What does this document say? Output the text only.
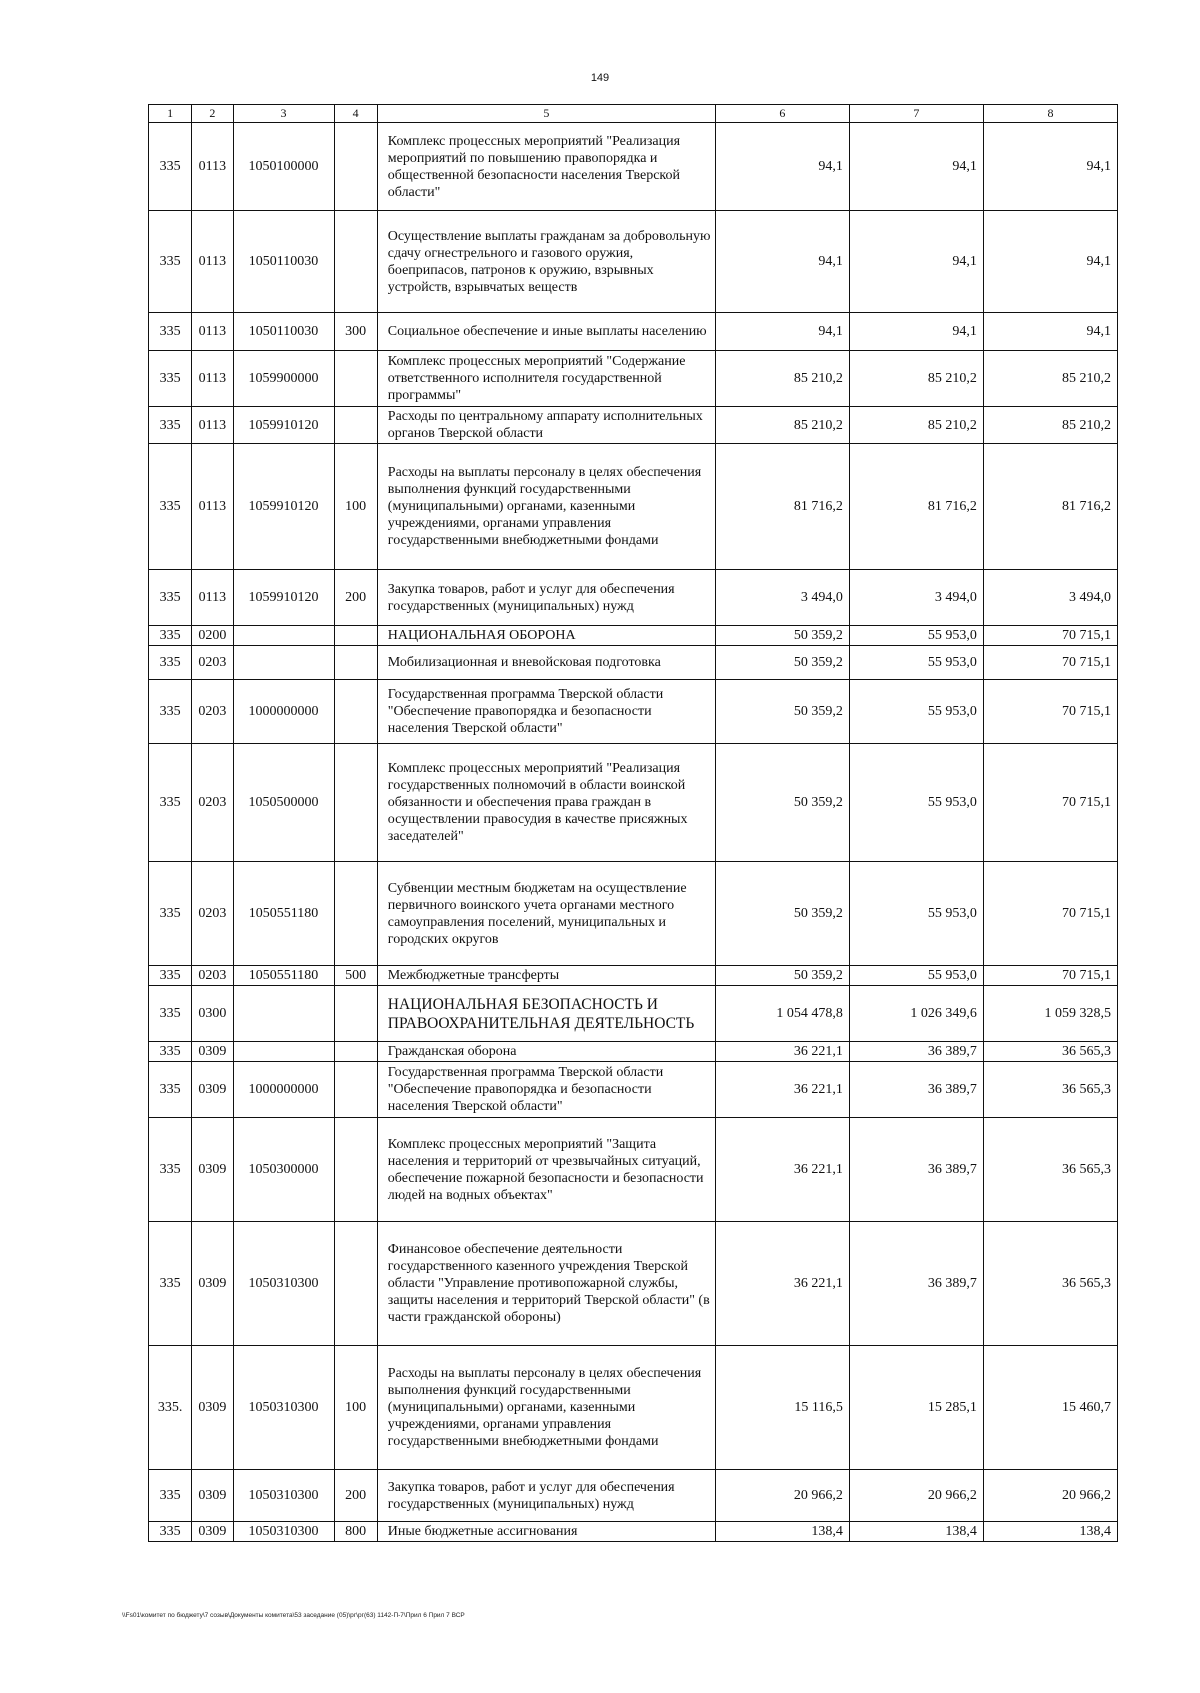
149
1	2	3	4	5	6	7	8
335	0113	1050100000		Комплекс процессных мероприятий "Реализация мероприятий по повышению правопорядка и общественной безопасности населения Тверской области"	94,1	94,1	94,1
335	0113	1050110030		Осуществление выплаты гражданам за добровольную сдачу огнестрельного и газового оружия, боеприпасов, патронов к оружию, взрывных устройств, взрывчатых веществ	94,1	94,1	94,1
335	0113	1050110030	300	Социальное обеспечение и иные выплаты населению	94,1	94,1	94,1
335	0113	1059900000		Комплекс процессных мероприятий "Содержание ответственного исполнителя государственной программы"	85 210,2	85 210,2	85 210,2
335	0113	1059910120		Расходы по центральному аппарату исполнительных органов Тверской области	85 210,2	85 210,2	85 210,2
335	0113	1059910120	100	Расходы на выплаты персоналу в целях обеспечения выполнения функций государственными (муниципальными) органами, казенными учреждениями, органами управления государственными внебюджетными фондами	81 716,2	81 716,2	81 716,2
335	0113	1059910120	200	Закупка товаров, работ и услуг для обеспечения государственных (муниципальных) нужд	3 494,0	3 494,0	3 494,0
335	0200			НАЦИОНАЛЬНАЯ ОБОРОНА	50 359,2	55 953,0	70 715,1
335	0203			Мобилизационная и вневойсковая подготовка	50 359,2	55 953,0	70 715,1
335	0203	1000000000		Государственная программа Тверской области "Обеспечение правопорядка и безопасности населения Тверской области"	50 359,2	55 953,0	70 715,1
335	0203	1050500000		Комплекс процессных мероприятий "Реализация государственных полномочий в области воинской обязанности и обеспечения права граждан в осуществлении правосудия в качестве присяжных заседателей"	50 359,2	55 953,0	70 715,1
335	0203	1050551180		Субвенции местным бюджетам на осуществление первичного воинского учета органами местного самоуправления поселений, муниципальных и городских округов	50 359,2	55 953,0	70 715,1
335	0203	1050551180	500	Межбюджетные трансферты	50 359,2	55 953,0	70 715,1
335	0300			НАЦИОНАЛЬНАЯ БЕЗОПАСНОСТЬ И ПРАВООХРАНИТЕЛЬНАЯ ДЕЯТЕЛЬНОСТЬ	1 054 478,8	1 026 349,6	1 059 328,5
335	0309			Гражданская оборона	36 221,1	36 389,7	36 565,3
335	0309	1000000000		Государственная программа Тверской области "Обеспечение правопорядка и безопасности населения Тверской области"	36 221,1	36 389,7	36 565,3
335	0309	1050300000		Комплекс процессных мероприятий "Защита населения и территорий от чрезвычайных ситуаций, обеспечение пожарной безопасности и безопасности людей на водных объектах"	36 221,1	36 389,7	36 565,3
335	0309	1050310300		Финансовое обеспечение деятельности государственного казенного учреждения Тверской области "Управление противопожарной службы, защиты населения и территорий Тверской области" (в части гражданской обороны)	36 221,1	36 389,7	36 565,3
335.	0309	1050310300	100	Расходы на выплаты персоналу в целях обеспечения выполнения функций государственными (муниципальными) органами, казенными учреждениями, органами управления государственными внебюджетными фондами	15 116,5	15 285,1	15 460,7
335	0309	1050310300	200	Закупка товаров, работ и услуг для обеспечения государственных (муниципальных) нужд	20 966,2	20 966,2	20 966,2
335	0309	1050310300	800	Иные бюджетные ассигнования	138,4	138,4	138,4
\\Fs01\комитет по бюджету\7 созыв\Документы комитета\53 заседание (05)\рг\рг(63) 1142-П-7\Прил 6 Прил 7 ВСР
